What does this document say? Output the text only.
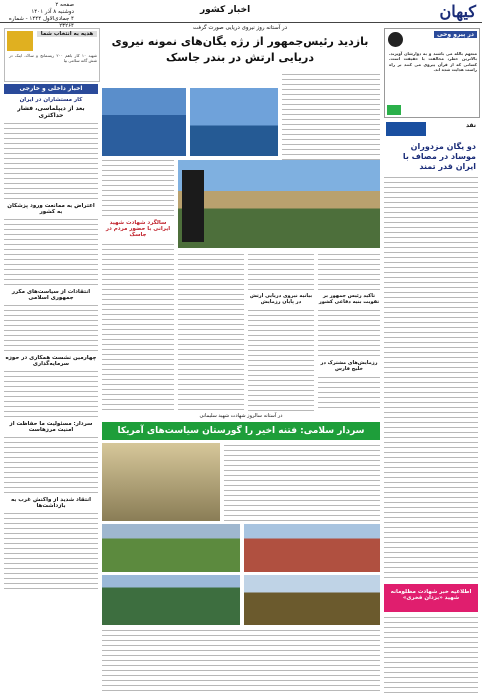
کیهان
اخبار کشور
صفحه ۲
دوشنبه ۸ آذر ۱۴۰۱
۴ جمادی‌الاول ۱۴۴۴ - شماره ۲۳۲۶۴
در پیرو وحی
متعهم بالله می باشند و به دوارشان آویزند. بالاترین خطر، مخالفت با حقیقت است. کسانی که از قرآن پیروی می کنند بر راه راست هدایت شده اند.
نقد
دو یگان مزدوران موساد در مصاف با ایران قدر تمند
در آستانه روز نیروی دریایی صورت گرفت
بازدید رئیس‌جمهور از رژه یگان‌های نمونه نیروی دریایی ارتش در بندر جاسک
هدیه به انتخاب شما
شهید ۱۰ کار باهم ۲۰۰ ریسمانچ و ساک، اینک در شش گانه سلامی بیا
اخبار داخلی و خارجی
کار مستشاران در ایران
بعد از دیپلماسی، فشار حداکثری
اعتراض به ممانعت ورود پزشکان به کشور
انتقادات از سیاست‌های مکرر جمهوری اسلامی
چهارمین نشست همکاری در حوزه سرمایه‌گذاری
سردار: مسئولیت ما حفاظت از امنیت مرزهاست
انتقاد شدید از واکنش غرب به بازداشت‌ها
سالگرد شهادت شهید ایرانی با حضور مردم در جاسک
بیانیه نیروی دریایی ارتش در پایان رزمایش
تاکید رئیس جمهور بر تقویت بنیه دفاعی کشور
رزمایش‌های مشترک در خلیج فارس
در آستانه سالروز شهادت شهید سلیمانی
سردار سلامی: فتنه اخیر را گورستان سیاست‌های آمریکا
اطلاعیه خبر شهادت مظلومانه
شهید «بزدان فخری»
